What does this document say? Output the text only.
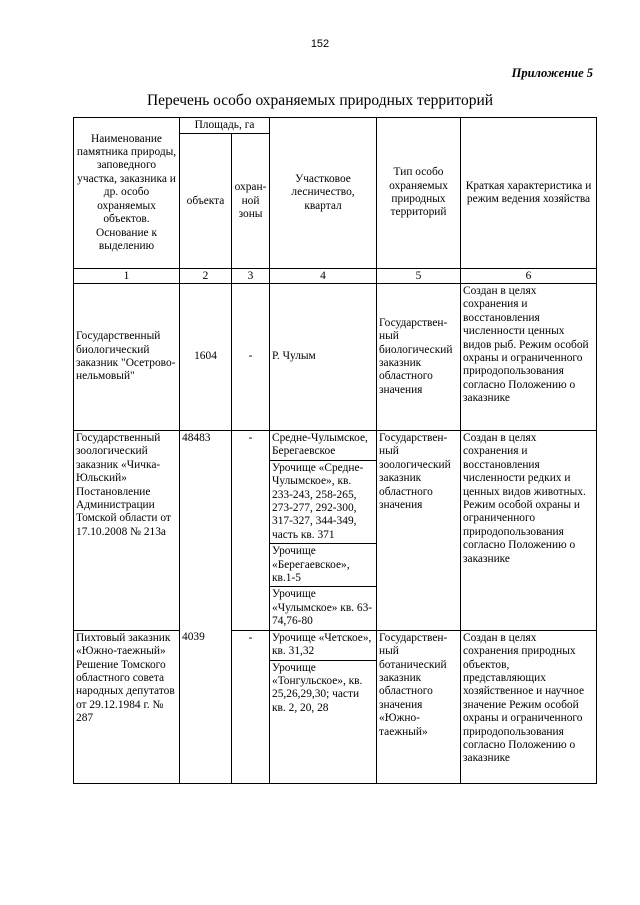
152
Приложение 5
Перечень особо охраняемых природных территорий
Наименование памятника природы, заповедного участка, заказника и др. особо охраняемых объектов. Основание к выделению	Площадь, га		Участковое лесничество, квартал	Тип особо охраняемых природных территорий	Краткая характеристика и режим ведения хозяйства
	объекта	охран-ной зоны			
1	2	3	4	5	6
Государственный биологический заказник "Осетрово-нельмовый"	1604	-	Р. Чулым	Государствен-ный биологический заказник областного значения	Создан в целях сохранения и восстановления численности ценных видов рыб. Режим особой охраны и ограниченного природопользования согласно Положению о заказнике
Государственный зоологический заказник «Чичка-Юльский» Постановление Администрации Томской области от 17.10.2008 № 213а	48483	-	Средне-Чулымское, Берегаевское	Государствен-ный зоологический заказник областного значения	Создан в целях сохранения и восстановления численности редких и ценных видов животных. Режим особой охраны и ограниченного природопользования согласно Положению о заказнике
			Урочище «Средне-Чулымское», кв. 233-243, 258-265, 273-277, 292-300, 317-327, 344-349, часть кв. 371		
			Урочище «Берегаевское», кв.1-5		
			Урочище «Чулымское» кв. 63-74,76-80		
Пихтовый заказник «Южно-таежный» Решение Томского областного совета народных депутатов от 29.12.1984 г. № 287	4039	-	Урочище «Четское», кв. 31,32	Государствен-ный ботанический заказник областного значения «Южно-таежный»	Создан в целях сохранения природных объектов, представляющих хозяйственное и научное значение Режим особой охраны и ограниченного природопользования согласно Положению о заказнике
			Урочище «Тонгульское», кв. 25,26,29,30; части кв. 2, 20, 28		
